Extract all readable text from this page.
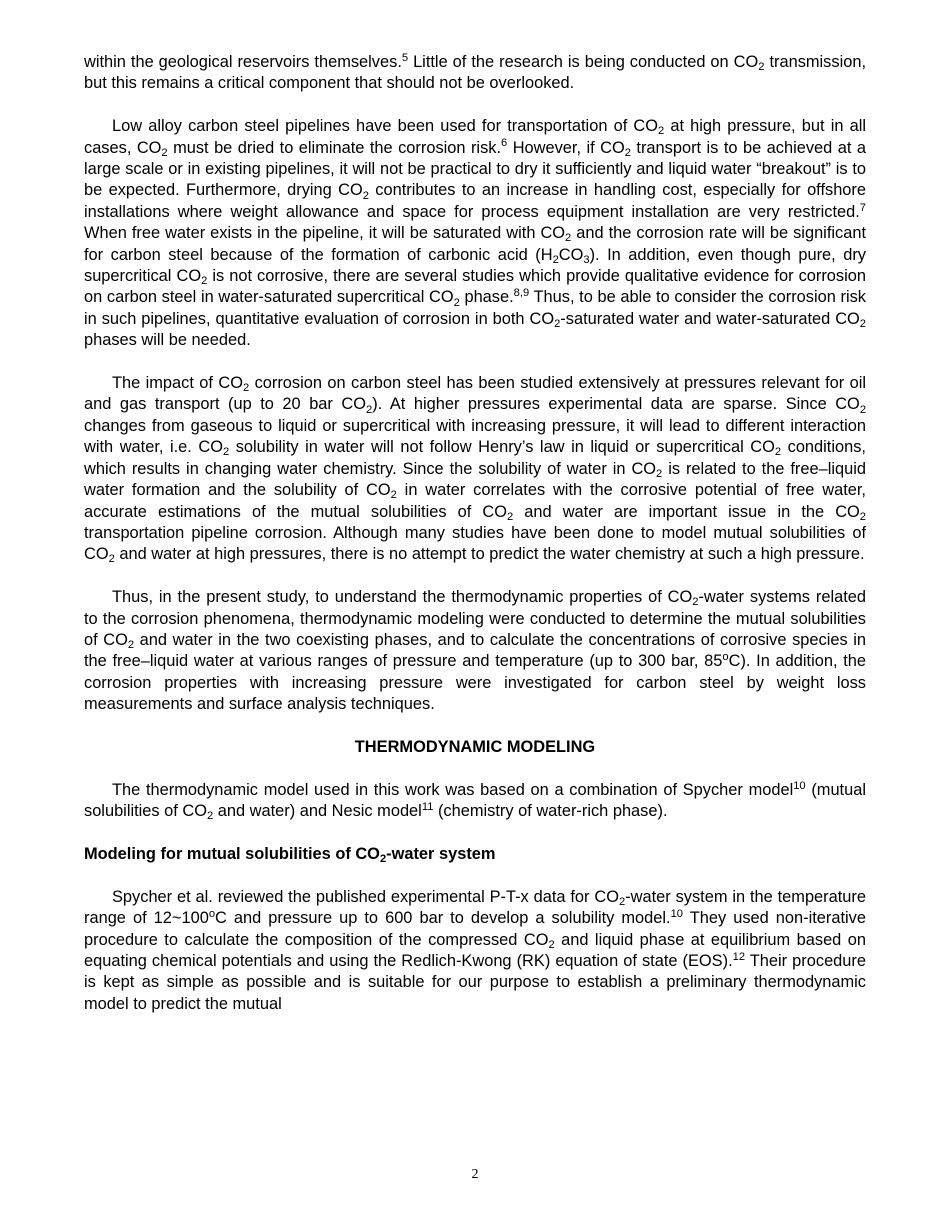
within the geological reservoirs themselves.$^5$ Little of the research is being conducted on $CO_2$ transmission, but this remains a critical component that should not be overlooked.

Low alloy carbon steel pipelines have been used for transportation of $CO_2$ at high pressure, but in all cases, $CO_2$ must be dried to eliminate the corrosion risk.$^6$ However, if $CO_2$ transport is to be achieved at a large scale or in existing pipelines, it will not be practical to dry it sufficiently and liquid water “breakout” is to be expected. Furthermore, drying $CO_2$ contributes to an increase in handling cost, especially for offshore installations where weight allowance and space for process equipment installation are very restricted.$^7$ When free water exists in the pipeline, it will be saturated with $CO_2$ and the corrosion rate will be significant for carbon steel because of the formation of carbonic acid $(H_2CO_3)$. In addition, even though pure, dry supercritical $CO_2$ is not corrosive, there are several studies which provide qualitative evidence for corrosion on carbon steel in water-saturated supercritical $CO_2$ phase.$^{8,9}$ Thus, to be able to consider the corrosion risk in such pipelines, quantitative evaluation of corrosion in both $CO_2$-saturated water and water-saturated $CO_2$ phases will be needed.

The impact of $CO_2$ corrosion on carbon steel has been studied extensively at pressures relevant for oil and gas transport (up to 20 bar $CO_2$). At higher pressures experimental data are sparse. Since $CO_2$ changes from gaseous to liquid or supercritical with increasing pressure, it will lead to different interaction with water, i.e. $CO_2$ solubility in water will not follow Henry’s law in liquid or supercritical $CO_2$ conditions, which results in changing water chemistry. Since the solubility of water in $CO_2$ is related to the free–liquid water formation and the solubility of $CO_2$ in water correlates with the corrosive potential of free water, accurate estimations of the mutual solubilities of $CO_2$ and water are important issue in the $CO_2$ transportation pipeline corrosion. Although many studies have been done to model mutual solubilities of $CO_2$ and water at high pressures, there is no attempt to predict the water chemistry at such a high pressure.

Thus, in the present study, to understand the thermodynamic properties of $CO_2$-water systems related to the corrosion phenomena, thermodynamic modeling were conducted to determine the mutual solubilities of $CO_2$ and water in the two coexisting phases, and to calculate the concentrations of corrosive species in the free–liquid water at various ranges of pressure and temperature (up to 300 bar, 85$^o$C). In addition, the corrosion properties with increasing pressure were investigated for carbon steel by weight loss measurements and surface analysis techniques.

THERMODYNAMIC MODELING

The thermodynamic model used in this work was based on a combination of Spycher model$^{10}$ (mutual solubilities of $CO_2$ and water) and Nesic model$^{11}$ (chemistry of water-rich phase).

Modeling for mutual solubilities of $CO_2$-water system

Spycher et al. reviewed the published experimental P-T-x data for $CO_2$-water system in the temperature range of 12~100$^o$C and pressure up to 600 bar to develop a solubility model.$^{10}$ They used non-iterative procedure to calculate the composition of the compressed $CO_2$ and liquid phase at equilibrium based on equating chemical potentials and using the Redlich-Kwong (RK) equation of state (EOS).$^{12}$ Their procedure is kept as simple as possible and is suitable for our purpose to establish a preliminary thermodynamic model to predict the mutual

2
